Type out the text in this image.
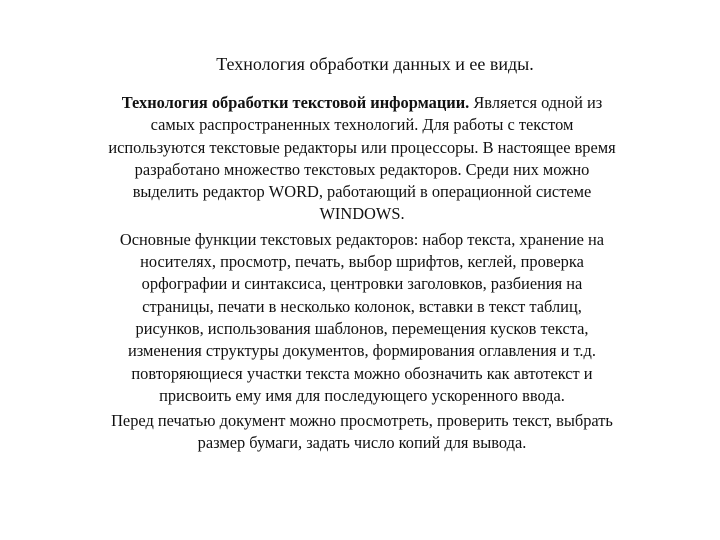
Технология обработки данных и ее виды.
Технология обработки текстовой информации. Является одной из
самых распространенных технологий. Для работы с текстом
используются текстовые редакторы или процессоры. В настоящее время
разработано множество текстовых редакторов. Среди них можно
выделить редактор WORD, работающий в операционной системе
WINDOWS.
Основные функции текстовых редакторов: набор текста, хранение на
носителях, просмотр, печать, выбор шрифтов, кеглей, проверка
орфографии и синтаксиса, центровки заголовков, разбиения на
страницы, печати в несколько колонок, вставки в текст таблиц,
рисунков, использования шаблонов, перемещения кусков текста,
изменения структуры документов, формирования оглавления и т.д.
повторяющиеся участки текста можно обозначить как автотекст и
присвоить ему имя для последующего ускоренного ввода.
Перед печатью документ можно просмотреть, проверить текст, выбрать
размер бумаги, задать число копий для вывода.
